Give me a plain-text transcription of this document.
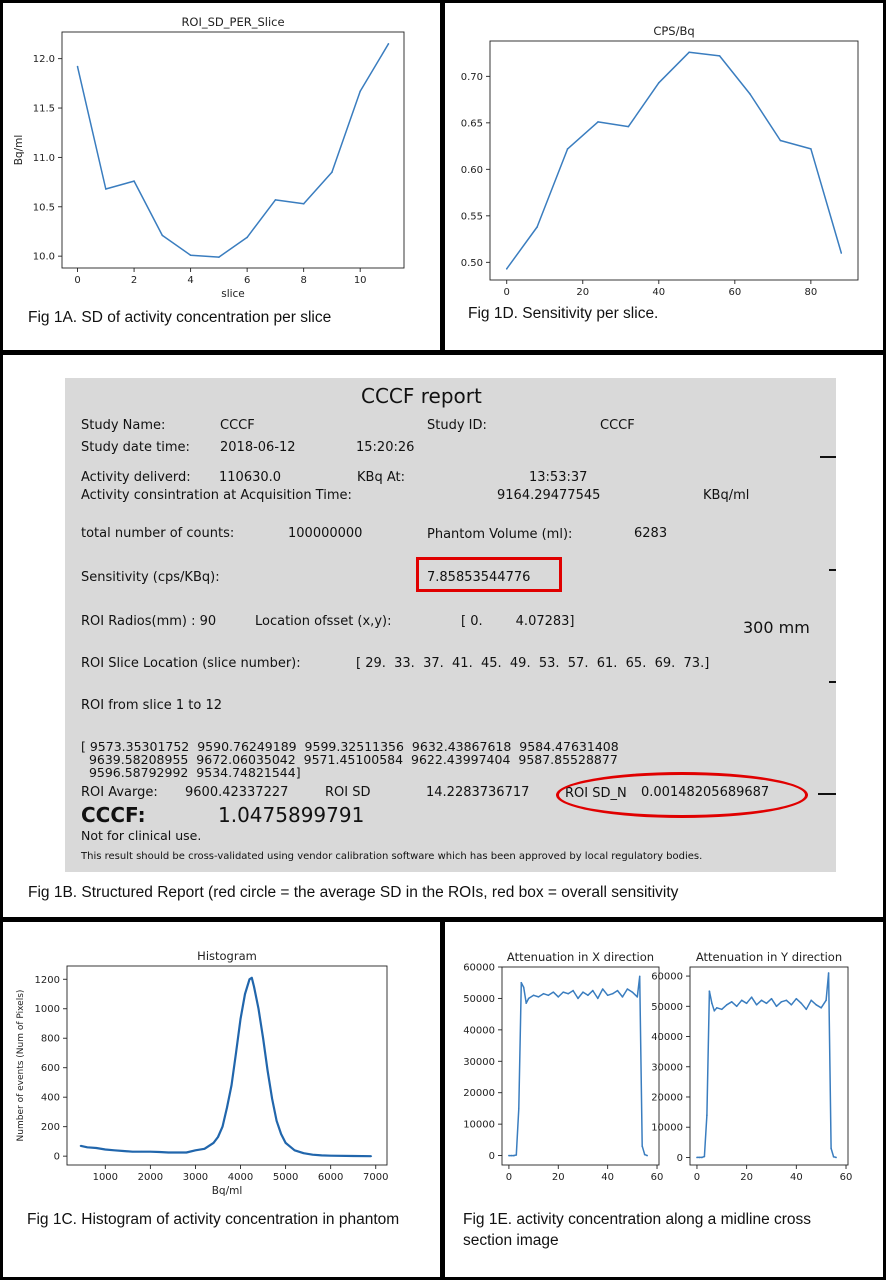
ROI_SD_PER_Slice
0	2	4	6	8	10
10.0
10.5
11.0
11.5
12.0
slice
Bq/ml
Fig 1A. SD of activity concentration per slice
CPS/Bq
0	20	40	60	80
0.50
0.55
0.60
0.65
0.70
Fig 1D. Sensitivity per slice.
Fig 1B. Structured Report (red circle = the average SD in the ROIs, red box = overall sensitivity
CCCF report
Study Name:	CCCF	Study ID:	CCCF
Study date time: 2018-06-12	15:20:26
Activity deliverd: 110630.0	KBq At:	13:53:37
Activity consintration at Acquisition Time:	9164.29477545	KBq/ml
total number of counts:	100000000	Phantom Volume (ml):	6283
Sensitivity (cps/KBq):	7.85853544776
ROI Radios(mm) : 90	Location ofsset (x,y):	[ 0.        4.07283]	300 mm
ROI Slice Location (slice number):	[ 29.  33.  37.  41.  45.  49.  53.  57.  61.  65.  69.  73.]
ROI from slice 1 to 12
[ 9573.35301752  9590.76249189  9599.32511356  9632.43867618  9584.47631408
9639.58208955  9672.06035042  9571.45100584  9622.43997404  9587.85528877
9596.58792992  9534.74821544]
ROI Avarge: 9600.42337227	ROI SD	14.2283736717	ROI SD_N 0.00148205689687
CCCF:	1.0475899791
Not for clinical use.
This result should be cross-validated using vendor calibration software which has been approved by local regulatory bodies.
Histogram
1000 2000 3000 4000 5000 6000 7000
0
200
400
600
800
1000
1200
Bq/ml
Number of events (Num of Pixels)
Fig 1C. Histogram of activity concentration in phantom
Attenuation in X direction
0	20	40	60
0
10000
20000
30000
40000
50000
60000
Attenuation in Y direction
0	20	40	60
0
10000
20000
30000
40000
50000
60000
Fig 1E. activity concentration along a midline cross
section image
